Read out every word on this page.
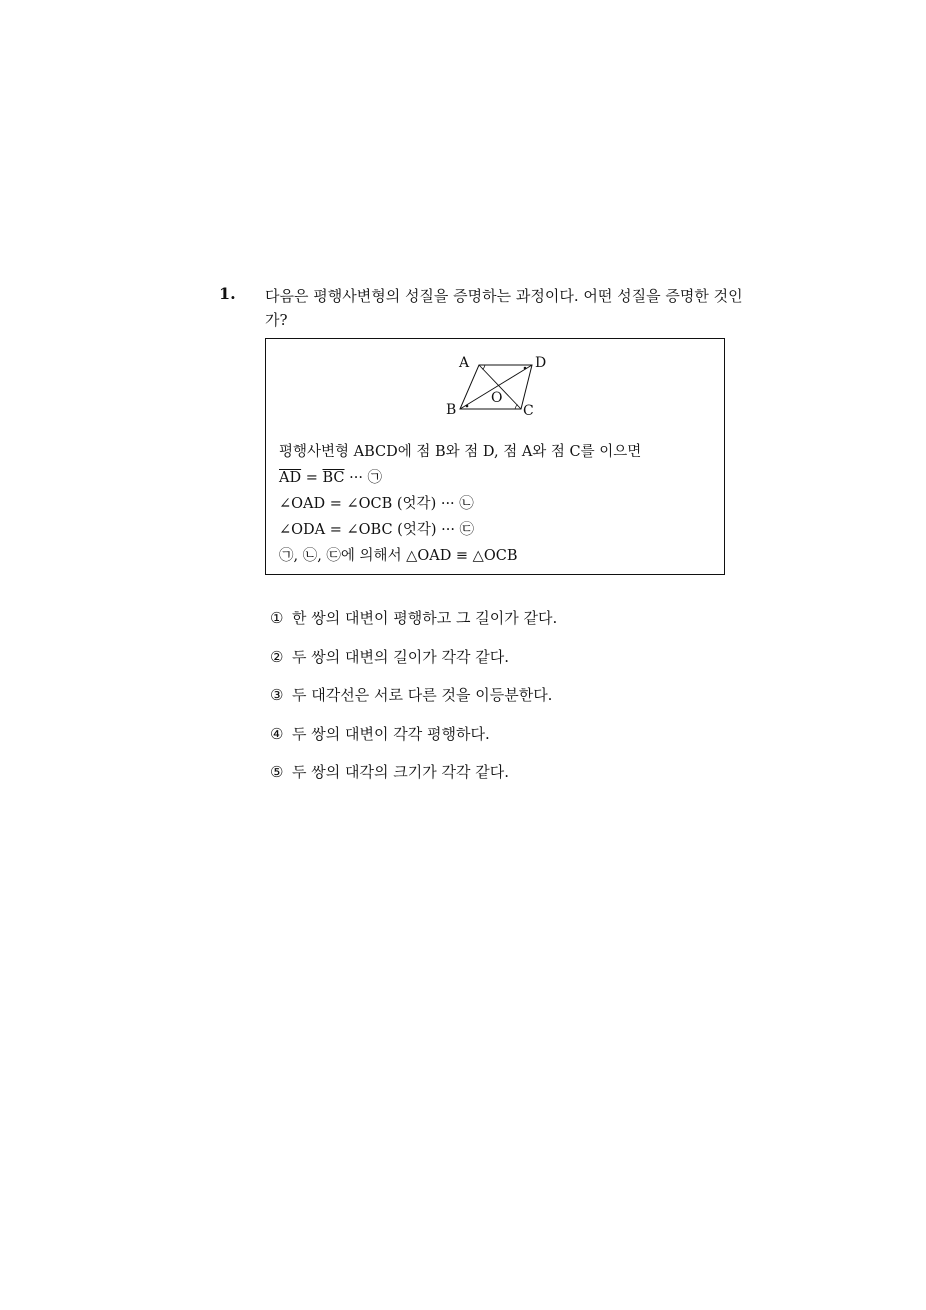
1. 다음은 평행사변형의 성질을 증명하는 과정이다. 어떤 성질을 증명한 것인
가?
A	D
B	C
O
평행사변형 ABCD에 점 B와 점 D, 점 A와 점 C를 이으면
$\overline{AD} = \overline{BC}$ ··· ㉠
∠OAD = ∠OCB (엇각) ··· ㉡
∠ODA = ∠OBC (엇각) ··· ㉢
㉠, ㉡, ㉢에 의해서 △OAD ≡ △OCB
① 한 쌍의 대변이 평행하고 그 길이가 같다.
② 두 쌍의 대변의 길이가 각각 같다.
③ 두 대각선은 서로 다른 것을 이등분한다.
④ 두 쌍의 대변이 각각 평행하다.
⑤ 두 쌍의 대각의 크기가 각각 같다.
